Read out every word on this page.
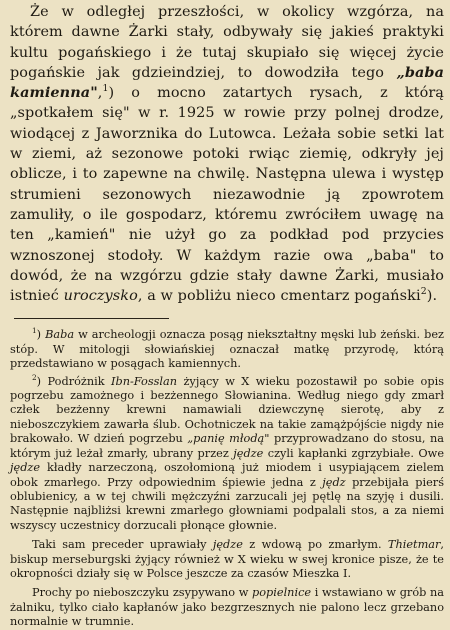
Że w odległej przeszłości, w okolicy wzgórza, na którem dawne Żarki stały, odbywały się jakieś praktyki kultu pogańskiego i że tutaj skupiało się więcej życie pogańskie jak gdzieindziej, to dowodziła tego „baba kamienna",$^1$) o mocno zatartych rysach, z którą „spotkałem się" w r. 1925 w rowie przy polnej drodze, wiodącej z Jaworznika do Lutowca. Leżała sobie setki lat w ziemi, aż sezonowe potoki rwiąc ziemię, odkryły jej oblicze, i to zapewne na chwilę. Następna ulewa i występ strumieni sezonowych niezawodnie ją zpowrotem zamuliły, o ile gospodarz, któremu zwróciłem uwagę na ten „kamień" nie użył go za podkład pod przycies wznoszonej stodoły. W każdym razie owa „baba" to dowód, że na wzgórzu gdzie stały dawne Żarki, musiało istnieć uroczysko, a w pobliżu nieco cmentarz pogański$^2$).

$^1$) Baba w archeologji oznacza posąg niekształtny męski lub żeński. bez stóp. W mitologji słowiańskiej oznaczał matkę przyrodę, którą przedstawiano w posągach kamiennych.

$^2$) Podróżnik Ibn-Fosslan żyjący w X wieku pozostawił po sobie opis pogrzebu zamożnego i bezżennego Słowianina. Według niego gdy zmarł człek bezżenny krewni namawiali dziewczynę sierotę, aby z nieboszczykiem zawarła ślub. Ochotniczek na takie zamążpójście nigdy nie brakowało. W dzień pogrzebu „panię młodą" przyprowadzano do stosu, na którym już leżał zmarły, ubrany przez jędze czyli kapłanki zgrzybiałe. Owe jędze kładły narzeczoną, oszołomioną już miodem i usypiającem zielem obok zmarłego. Przy odpowiednim śpiewie jedna z jędz przebijała pierś oblubienicy, a w tej chwili mężczyźni zarzucali jej pętlę na szyję i dusili. Następnie najbliżsi krewni zmarłego głowniami podpalali stos, a za niemi wszyscy uczestnicy dorzucali płonące głownie.

Taki sam preceder uprawiały jędze z wdową po zmarłym. Thietmar, biskup merseburgski żyjący również w X wieku w swej kronice pisze, że te okropności działy się w Polsce jeszcze za czasów Mieszka I.

Prochy po nieboszczyku zsypywano w popielnice i wstawiano w grób na żalniku, tylko ciało kapłanów jako bezgrzesznych nie palono lecz grzebano normalnie w trumnie.
